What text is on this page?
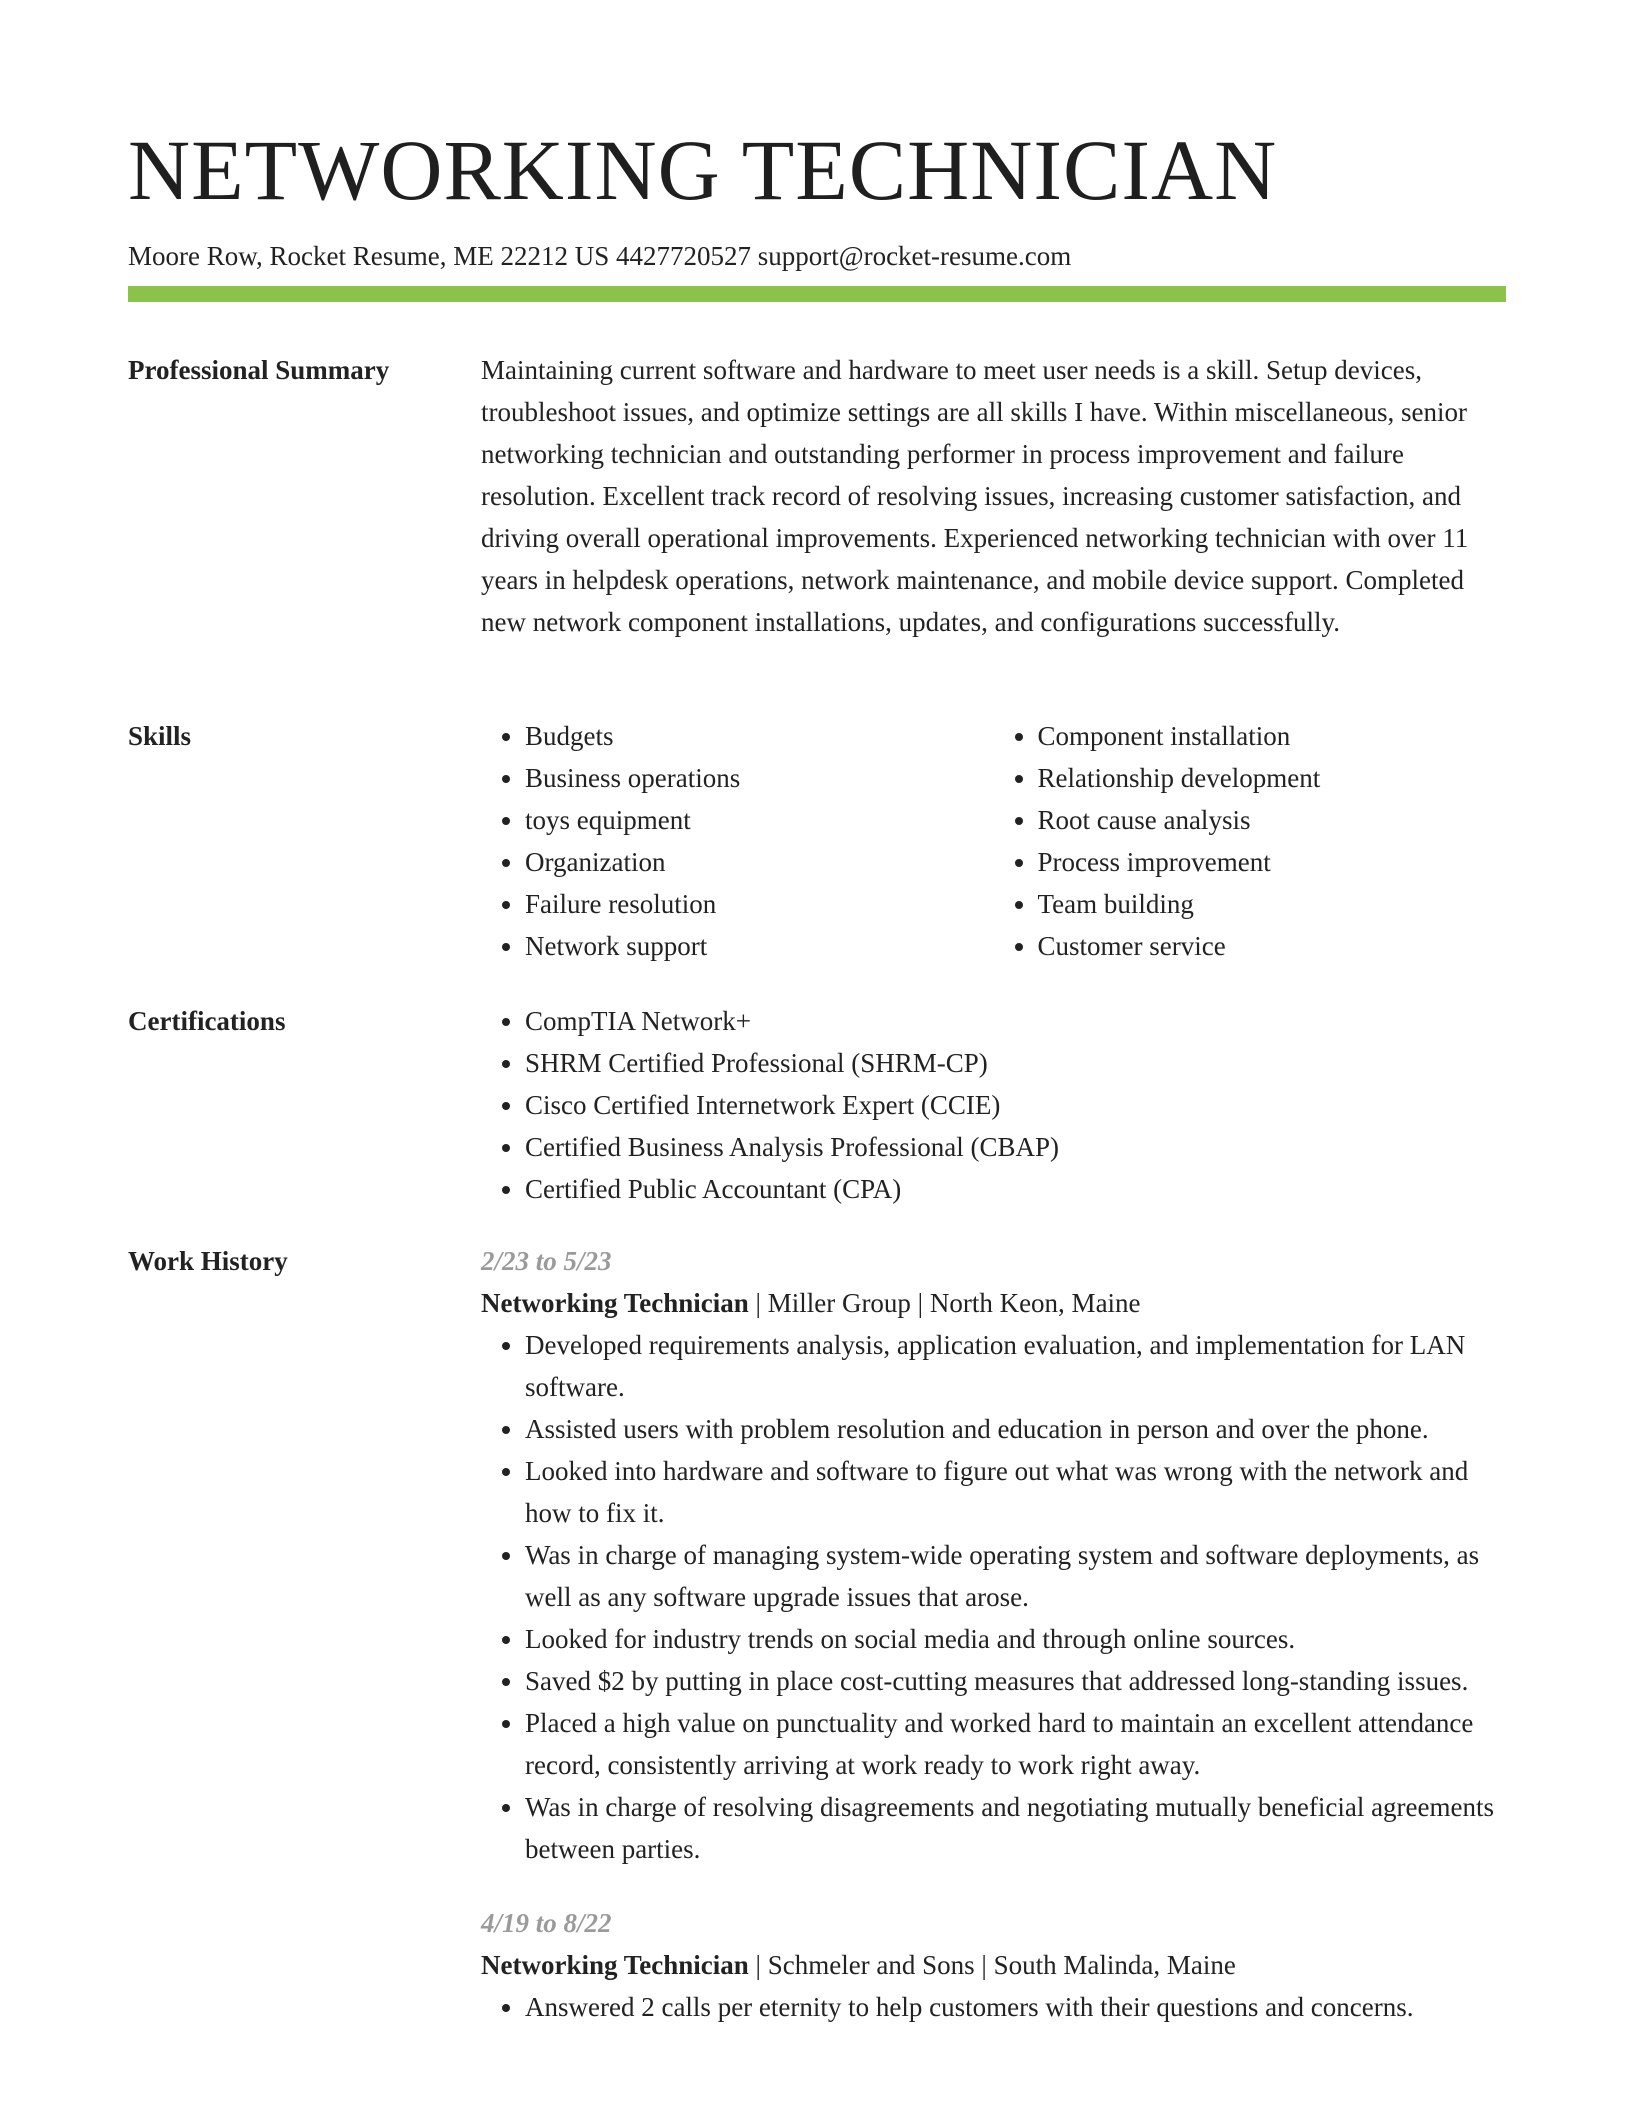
NETWORKING TECHNICIAN
Moore Row, Rocket Resume, ME 22212 US 4427720527 support@rocket-resume.com
Professional Summary	Maintaining current software and hardware to meet user needs is a skill. Setup devices, troubleshoot issues, and optimize settings are all skills I have. Within miscellaneous, senior networking technician and outstanding performer in process improvement and failure resolution. Excellent track record of resolving issues, increasing customer satisfaction, and driving overall operational improvements. Experienced networking technician with over 11 years in helpdesk operations, network maintenance, and mobile device support. Completed new network component installations, updates, and configurations successfully.

Skills	• Budgets
• Business operations
• toys equipment
• Organization
• Failure resolution
• Network support
• Component installation
• Relationship development
• Root cause analysis
• Process improvement
• Team building
• Customer service
Certifications	• CompTIA Network+
• SHRM Certified Professional (SHRM-CP)
• Cisco Certified Internetwork Expert (CCIE)
• Certified Business Analysis Professional (CBAP)
• Certified Public Accountant (CPA)
Work History	2/23 to 5/23
Networking Technician | Miller Group | North Keon, Maine
• Developed requirements analysis, application evaluation, and implementation for LAN software.
• Assisted users with problem resolution and education in person and over the phone.
• Looked into hardware and software to figure out what was wrong with the network and how to fix it.
• Was in charge of managing system-wide operating system and software deployments, as well as any software upgrade issues that arose.
• Looked for industry trends on social media and through online sources.
• Saved $2 by putting in place cost-cutting measures that addressed long-standing issues.
• Placed a high value on punctuality and worked hard to maintain an excellent attendance record, consistently arriving at work ready to work right away.
• Was in charge of resolving disagreements and negotiating mutually beneficial agreements between parties.
4/19 to 8/22
Networking Technician | Schmeler and Sons | South Malinda, Maine
• Answered 2 calls per eternity to help customers with their questions and concerns.
